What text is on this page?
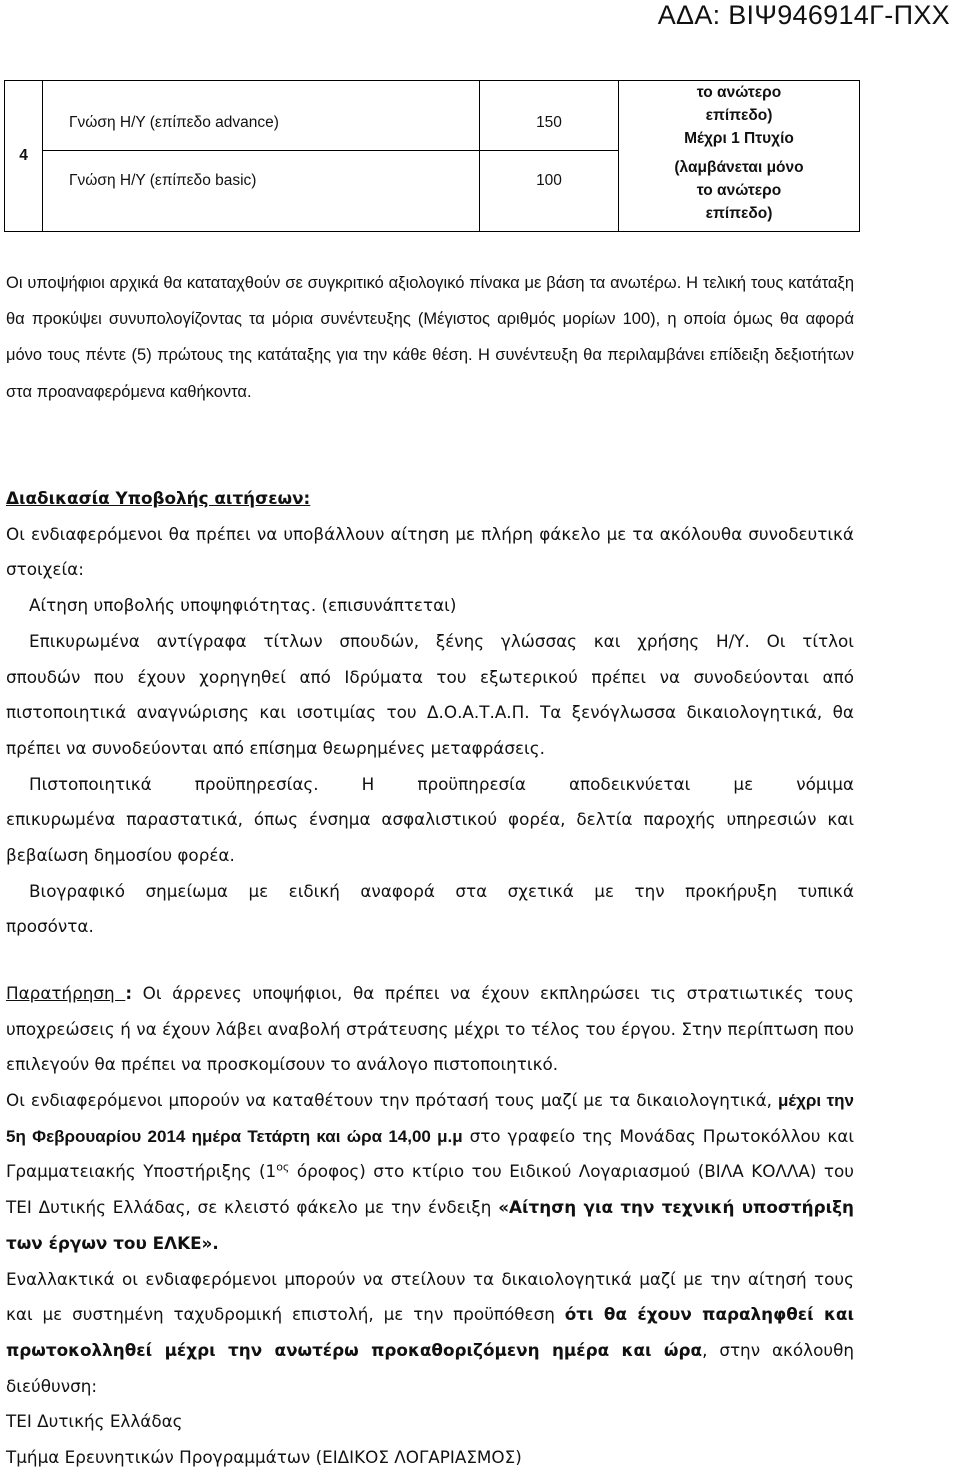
ΑΔΑ: ΒΙΨ946914Γ-ΠΧΧ
4	Γνώση Η/Υ (επίπεδο advance)	150	το ανώτερο
επίπεδο)
Μέχρι 1 Πτυχίο

	Γνώση Η/Υ (επίπεδο basic)	100	(λαμβάνεται μόνο
το ανώτερο
επίπεδο)

Οι υποψήφιοι αρχικά θα καταταχθούν σε συγκριτικό αξιολογικό πίνακα με βάση τα ανωτέρω. Η τελική τους κατάταξη θα προκύψει συνυπολογίζοντας τα μόρια συνέντευξης (Μέγιστος αριθμός μορίων 100), η οποία όμως θα αφορά μόνο τους πέντε (5) πρώτους της κατάταξης για την κάθε θέση. Η συνέντευξη θα περιλαμβάνει επίδειξη δεξιοτήτων στα προαναφερόμενα καθήκοντα.

Διαδικασία Υποβολής αιτήσεων:

Οι ενδιαφερόμενοι θα πρέπει να υποβάλλουν αίτηση με πλήρη φάκελο με τα ακόλουθα συνοδευτικά στοιχεία:

Αίτηση υποβολής υποψηφιότητας. (επισυνάπτεται)

Επικυρωμένα αντίγραφα τίτλων σπουδών, ξένης γλώσσας και χρήσης Η/Υ. Οι τίτλοι

σπουδών που έχουν χορηγηθεί από Ιδρύματα του εξωτερικού πρέπει να συνοδεύονται από πιστοποιητικά αναγνώρισης και ισοτιμίας του Δ.Ο.Α.Τ.Α.Π. Τα ξενόγλωσσα δικαιολογητικά, θα πρέπει να συνοδεύονται από επίσημα θεωρημένες μεταφράσεις.

Πιστοποιητικά προϋπηρεσίας. Η προϋπηρεσία αποδεικνύεται με νόμιμα

επικυρωμένα παραστατικά, όπως ένσημα ασφαλιστικού φορέα, δελτία παροχής υπηρεσιών και βεβαίωση δημοσίου φορέα.

Βιογραφικό σημείωμα με ειδική αναφορά στα σχετικά με την προκήρυξη τυπικά

προσόντα.

Παρατήρηση : Οι άρρενες υποψήφιοι, θα πρέπει να έχουν εκπληρώσει τις στρατιωτικές τους υποχρεώσεις ή να έχουν λάβει αναβολή στράτευσης μέχρι το τέλος του έργου. Στην περίπτωση που επιλεγούν θα πρέπει να προσκομίσουν το ανάλογο πιστοποιητικό.

Οι ενδιαφερόμενοι μπορούν να καταθέτουν την πρότασή τους μαζί με τα δικαιολογητικά, μέχρι την 5η Φεβρουαρίου 2014 ημέρα Τετάρτη και ώρα 14,00 μ.μ στο γραφείο της Μονάδας Πρωτοκόλλου και Γραμματειακής Υποστήριξης ($1^{o\varsigma}$ όροφος) στο κτίριο του Ειδικού Λογαριασμού (ΒΙΛΑ ΚΟΛΛΑ) του ΤΕΙ Δυτικής Ελλάδας, σε κλειστό φάκελο με την ένδειξη «Αίτηση για την τεχνική υποστήριξη των έργων του ΕΛΚΕ».

Εναλλακτικά οι ενδιαφερόμενοι μπορούν να στείλουν τα δικαιολογητικά μαζί με την αίτησή τους και με συστημένη ταχυδρομική επιστολή, με την προϋπόθεση ότι θα έχουν παραληφθεί και πρωτοκολληθεί μέχρι την ανωτέρω προκαθοριζόμενη ημέρα και ώρα, στην ακόλουθη διεύθυνση:

ΤΕΙ Δυτικής Ελλάδας

Τμήμα Ερευνητικών Προγραμμάτων (ΕΙΔΙΚΟΣ ΛΟΓΑΡΙΑΣΜΟΣ)
